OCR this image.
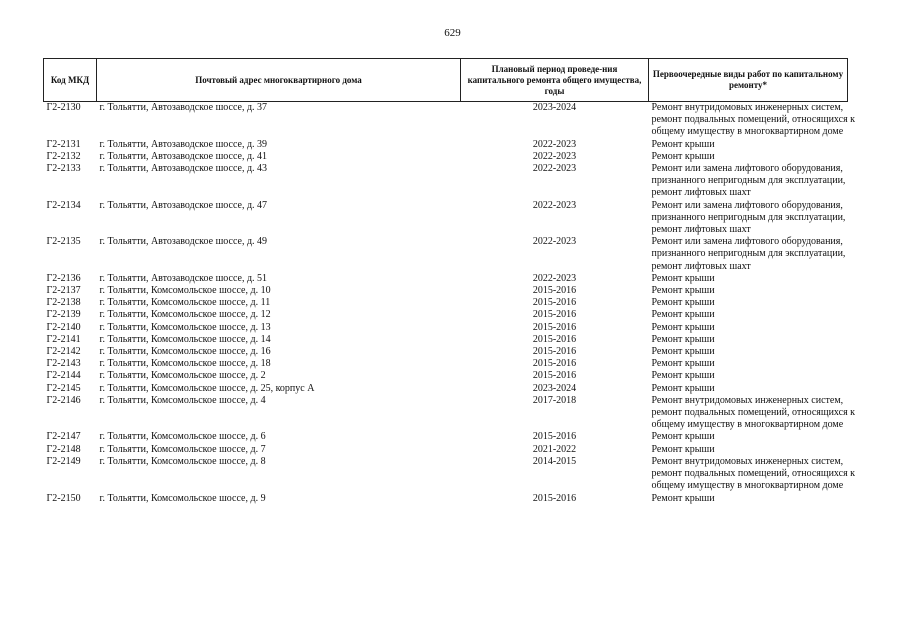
629
Код МКД	Почтовый адрес многоквартирного дома	Плановый период проведе-ния капитального ремонта общего имущества, годы	Первоочередные виды работ по капитальному ремонту*
Г2-2130	г. Тольятти, Автозаводское шоссе, д. 37	2023-2024	Ремонт внутридомовых инженерных систем,
ремонт подвальных помещений, относящихся к
общему имуществу в многоквартирном доме

Г2-2131	г. Тольятти, Автозаводское шоссе, д. 39	2022-2023	Ремонт крыши

Г2-2132	г. Тольятти, Автозаводское шоссе, д. 41	2022-2023	Ремонт крыши

Г2-2133	г. Тольятти, Автозаводское шоссе, д. 43	2022-2023	Ремонт или замена лифтового оборудования,
признанного непригодным для эксплуатации,
ремонт лифтовых шахт

Г2-2134	г. Тольятти, Автозаводское шоссе, д. 47	2022-2023	Ремонт или замена лифтового оборудования,
признанного непригодным для эксплуатации,
ремонт лифтовых шахт

Г2-2135	г. Тольятти, Автозаводское шоссе, д. 49	2022-2023	Ремонт или замена лифтового оборудования,
признанного непригодным для эксплуатации,
ремонт лифтовых шахт

Г2-2136	г. Тольятти, Автозаводское шоссе, д. 51	2022-2023	Ремонт крыши

Г2-2137	г. Тольятти, Комсомольское шоссе, д. 10	2015-2016	Ремонт крыши

Г2-2138	г. Тольятти, Комсомольское шоссе, д. 11	2015-2016	Ремонт крыши

Г2-2139	г. Тольятти, Комсомольское шоссе, д. 12	2015-2016	Ремонт крыши

Г2-2140	г. Тольятти, Комсомольское шоссе, д. 13	2015-2016	Ремонт крыши

Г2-2141	г. Тольятти, Комсомольское шоссе, д. 14	2015-2016	Ремонт крыши

Г2-2142	г. Тольятти, Комсомольское шоссе, д. 16	2015-2016	Ремонт крыши

Г2-2143	г. Тольятти, Комсомольское шоссе, д. 18	2015-2016	Ремонт крыши

Г2-2144	г. Тольятти, Комсомольское шоссе, д. 2	2015-2016	Ремонт крыши

Г2-2145	г. Тольятти, Комсомольское шоссе, д. 25, корпус А	2023-2024	Ремонт крыши

Г2-2146	г. Тольятти, Комсомольское шоссе, д. 4	2017-2018	Ремонт внутридомовых инженерных систем,
ремонт подвальных помещений, относящихся к
общему имуществу в многоквартирном доме

Г2-2147	г. Тольятти, Комсомольское шоссе, д. 6	2015-2016	Ремонт крыши

Г2-2148	г. Тольятти, Комсомольское шоссе, д. 7	2021-2022	Ремонт крыши

Г2-2149	г. Тольятти, Комсомольское шоссе, д. 8	2014-2015	Ремонт внутридомовых инженерных систем,
ремонт подвальных помещений, относящихся к
общему имуществу в многоквартирном доме

Г2-2150	г. Тольятти, Комсомольское шоссе, д. 9	2015-2016	Ремонт крыши
